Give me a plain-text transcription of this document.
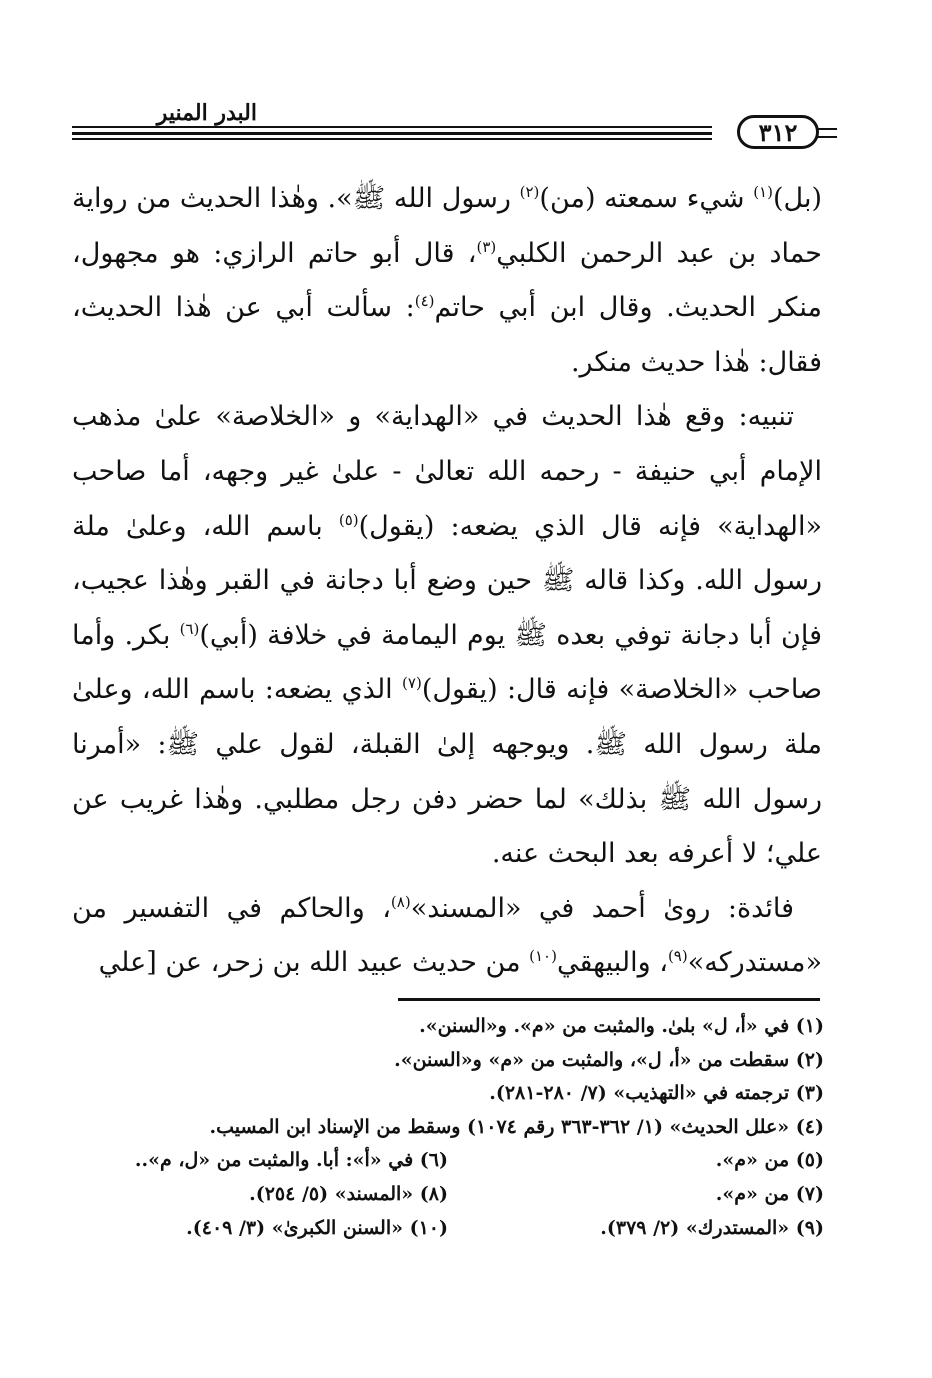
البدر المنير
٣١٢

(بل)$^{(١)}$ شيء سمعته (من)$^{(٢)}$ رسول الله ﷺ». وهٰذا الحديث من رواية حماد بن عبد الرحمن الكلبي$^{(٣)}$، قال أبو حاتم الرازي: هو مجهول، منكر الحديث. وقال ابن أبي حاتم$^{(٤)}$: سألت أبي عن هٰذا الحديث، فقال: هٰذا حديث منكر.

تنبيه: وقع هٰذا الحديث في «الهداية» و «الخلاصة» علىٰ مذهب الإمام أبي حنيفة - رحمه الله تعالىٰ - علىٰ غير وجهه، أما صاحب «الهداية» فإنه قال الذي يضعه: (يقول)$^{(٥)}$ باسم الله، وعلىٰ ملة رسول الله. وكذا قاله ﷺ حين وضع أبا دجانة في القبر وهٰذا عجيب، فإن أبا دجانة توفي بعده ﷺ يوم اليمامة في خلافة (أبي)$^{(٦)}$ بكر. وأما صاحب «الخلاصة» فإنه قال: (يقول)$^{(٧)}$ الذي يضعه: باسم الله، وعلىٰ ملة رسول الله ﷺ. ويوجهه إلىٰ القبلة، لقول علي ﷺ: «أمرنا رسول الله ﷺ بذلك» لما حضر دفن رجل مطلبي. وهٰذا غريب عن علي؛ لا أعرفه بعد البحث عنه.

فائدة: روىٰ أحمد في «المسند»$^{(٨)}$، والحاكم في التفسير من «مستدركه»$^{(٩)}$، والبيهقي$^{(١٠)}$ من حديث عبيد الله بن زحر، عن [علي

(١) في «أ، ل» بلىٰ. والمثبت من «م». و«السنن».
(٢) سقطت من «أ، ل»، والمثبت من «م» و«السنن».
(٣) ترجمته في «التهذيب» (٧/ ٢٨٠-٢٨١).
(٤) «علل الحديث» (١/ ٣٦٢-٣٦٣ رقم ١٠٧٤) وسقط من الإسناد ابن المسيب.
(٥) من «م».
(٦) في «أ»: أبا. والمثبت من «ل، م»..
(٧) من «م».
(٨) «المسند» (٥/ ٢٥٤).
(٩) «المستدرك» (٢/ ٣٧٩).
(١٠) «السنن الكبرىٰ» (٣/ ٤٠٩).
